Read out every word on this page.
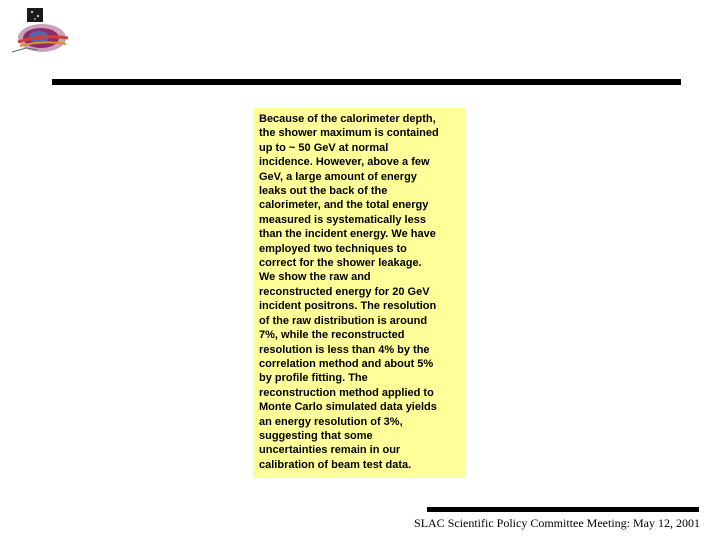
Because of the calorimeter depth,
the shower maximum is contained
up to ~ 50 GeV at normal
incidence. However, above a few
GeV, a large amount of energy
leaks out the back of the
calorimeter, and the total energy
measured is systematically less
than the incident energy. We have
employed two techniques to
correct for the shower leakage.
We show the raw and
reconstructed energy for 20 GeV
incident positrons. The resolution
of the raw distribution is around
7%, while the reconstructed
resolution is less than 4% by the
correlation method and about 5%
by profile fitting. The
reconstruction method applied to
Monte Carlo simulated data yields
an energy resolution of 3%,
suggesting that some
uncertainties remain in our
calibration of beam test data.

SLAC Scientific Policy Committee Meeting: May 12, 2001
